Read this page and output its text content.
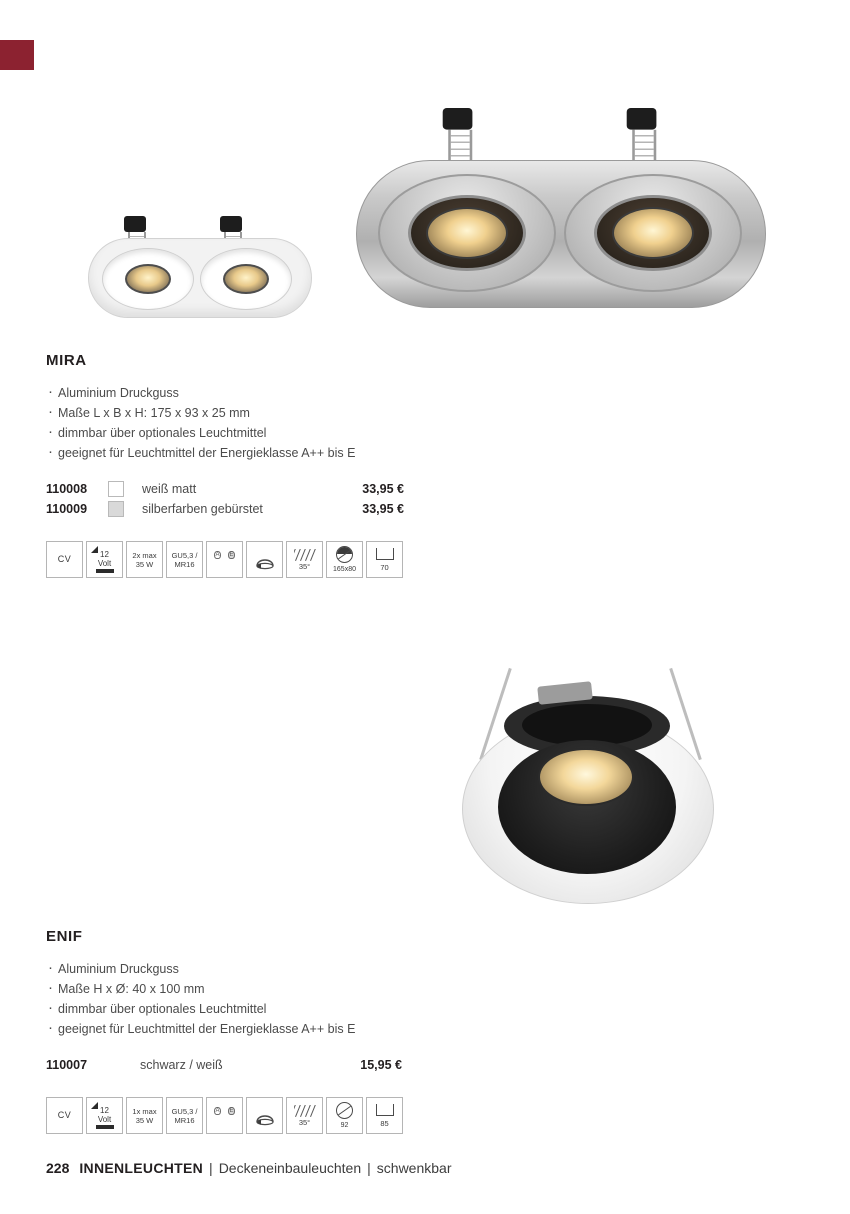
MIRA
· Aluminium Druckguss
· Maße L x B x H: 175 x 93 x 25 mm
· dimmbar über optionales Leuchtmittel
· geeignet für Leuchtmittel der Energieklasse A++ bis E
110008	weiß matt	33,95 €
110009	silberfarben gebürstet	33,95 €
CV	12
Volt
2x max
35 W
GU5,3 /
MR16
A	E
35°	165x80	70
ENIF
· Aluminium Druckguss
· Maße H x Ø: 40 x 100 mm
· dimmbar über optionales Leuchtmittel
· geeignet für Leuchtmittel der Energieklasse A++ bis E
110007	schwarz / weiß	15,95 €
CV	12
Volt
1x max
35 W
GU5,3 /
MR16
A	E
35°	92	85
228 INNENLEUCHTEN | Deckeneinbauleuchten | schwenkbar
